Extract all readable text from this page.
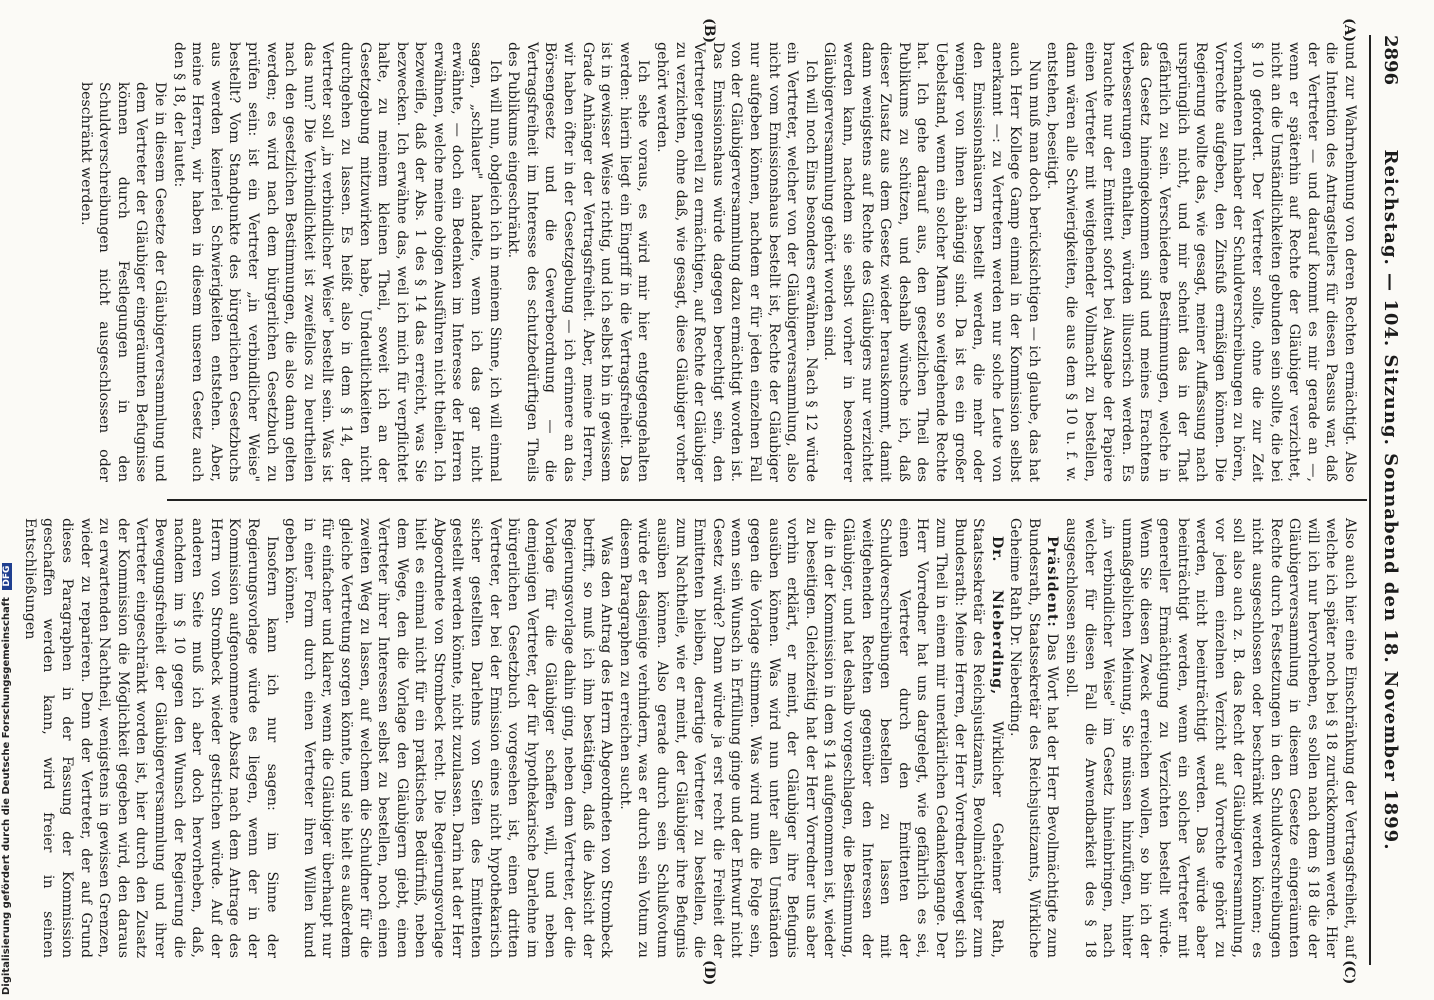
2896
Reichstag. — 104. Sitzung. Sonnabend den 18. November 1899.
(A)
(B)
(C)
(D)

und zur Wahrnehmung von deren Rechten ermächtigt. Also die Intention des Antragstellers für diesen Passus war, daß der Vertreter — und darauf kommt es mir gerade an —, wenn er späterhin auf Rechte der Gläubiger verzichtet, nicht an die Umständlichkeiten gebunden sein sollte, die bei § 10 gefordert. Der Vertreter sollte, ohne die zur Zeit vorhandenen Inhaber der Schuldverschreibungen zu hören, Vorrechte aufgeben, den Zinsfuß ermäßigen können. Die Regierung wollte das, wie gesagt, meiner Auffassung nach ursprünglich nicht, und mir scheint das in der That gefährlich zu sein. Verschiedene Bestimmungen, welche in das Gesetz hineingekommen sind und meines Erachtens Verbesserungen enthalten, würden illusorisch werden. Es brauchte nur der Emittent sofort bei Ausgabe der Papiere einen Vertreter mit weitgehender Vollmacht zu bestellen, dann wären alle Schwierigkeiten, die aus dem § 10 u. f. w. entstehen, beseitigt.

Nun muß man doch berücksichtigen — ich glaube, das hat auch Herr Kollege Gamp einmal in der Kommission selbst anerkannt —: zu Vertretern werden nur solche Leute von den Emissionshäusern bestellt werden, die mehr oder weniger von ihnen abhängig sind. Da ist es ein großer Uebelstand, wenn ein solcher Mann so weitgehende Rechte hat. Ich gehe darauf aus, den gesetzlichen Theil des Publikums zu schützen, und deshalb wünsche ich, daß dieser Zusatz aus dem Gesetz wieder herauskommt, damit dann wenigstens auf Rechte des Gläubigers nur verzichtet werden kann, nachdem sie selbst vorher in besonderer Gläubigerversammlung gehört worden sind.

Ich will noch Eins besonders erwähnen. Nach § 12 würde ein Vertreter, welcher von der Gläubigerversammlung, also nicht vom Emissionshaus bestellt ist, Rechte der Gläubiger nur aufgeben können, nachdem er für jeden einzelnen Fall von der Gläubigerversammlung dazu ermächtigt worden ist. Das Emissionshaus würde dagegen berechtigt sein, den Vertreter generell zu ermächtigen, auf Rechte der Gläubiger zu verzichten, ohne daß, wie gesagt, diese Gläubiger vorher gehört werden.

Ich sehe voraus, es wird mir hier entgegengehalten werden: hierin liegt ein Eingriff in die Vertragsfreiheit. Das ist in gewisser Weise richtig, und ich selbst bin in gewissem Grade Anhänger der Vertragsfreiheit. Aber, meine Herren, wir haben öfter in der Gesetzgebung — ich erinnere an das Börsengesetz und die Gewerbeordnung — die Vertragsfreiheit im Interesse des schutzbedürftigen Theils des Publikums eingeschränkt.

Ich will nun, obgleich ich in meinem Sinne, ich will einmal sagen, „schlauer" handelte, wenn ich das gar nicht erwähnte, — doch ein Bedenken im Interesse der Herren erwähnen, welche meine obigen Ausführen nicht theilen. Ich bezweifle, daß der Abs. 1 des § 14 das erreicht, was Sie bezwecken. Ich erwähne das, weil ich mich für verpflichtet halte, zu meinem kleinen Theil, soweit ich an der Gesetzgebung mitzuwirken habe, Undeutlichkeiten nicht durchgehen zu lassen. Es heißt also in dem § 14, der Vertreter soll „in verbindlicher Weise" bestellt sein. Was ist das nun? Die Verbindlichkeit ist zweifellos zu beurtheilen nach den gesetzlichen Bestimmungen, die also dann gelten werden; es wird nach dem bürgerlichen Gesetzbuch zu prüfen sein: ist ein Vertreter „in verbindlicher Weise" bestellt? Vom Standpunkte des bürgerlichen Gesetzbuchs aus werden keinerlei Schwierigkeiten entstehen. Aber, meine Herren, wir haben in diesem unseren Gesetz auch den § 18, der lautet:

Die in diesem Gesetze der Gläubigerversammlung und dem Vertreter der Gläubiger eingeräumten Befugnisse können durch Festlegungen in den Schuldverschreibungen nicht ausgeschlossen oder beschränkt werden.

Also auch hier eine Einschränkung der Vertragsfreiheit, auf welche ich später noch bei § 18 zurückkommen werde. Hier will ich nur hervorheben, es sollen nach dem § 18 die der Gläubigerversammlung in diesem Gesetze eingeräumten Rechte durch Festsetzungen in den Schuldverschreibungen nicht ausgeschlossen oder beschränkt werden können; es soll also auch z. B. das Recht der Gläubigerversammlung, vor jedem einzelnen Verzicht auf Vorrechte gehört zu werden, nicht beeinträchtigt werden. Das würde aber beeinträchtigt werden, wenn ein solcher Vertreter mit genereller Ermächtigung zu Verzichten bestellt würde. Wenn Sie diesen Zweck erreichen wollen, so bin ich der unmaßgeblichen Meinung, Sie müssen hinzufügen, hinter „in verbindlicher Weise" im Gesetz hineinbringen, nach welcher für diesen Fall die Anwendbarkeit des § 18 ausgeschlossen sein soll.

Präsident: Das Wort hat der Herr Bevollmächtigte zum Bundesrath, Staatssekretär des Reichsjustizamts, Wirkliche Geheime Rath Dr. Nieberding.

Dr. Nieberding, Wirklicher Geheimer Rath, Staatssekretär des Reichsjustizamts, Bevollmächtigter zum Bundesrath: Meine Herren, der Herr Vorredner bewegt sich zum Theil in einem mir unerklärlichen Gedankengange. Der Herr Vorredner hat uns dargelegt, wie gefährlich es sei, einen Vertreter durch den Emittenten der Schuldverschreibungen bestellen zu lassen mit weitgehenden Rechten gegenüber den Interessen der Gläubiger, und hat deshalb vorgeschlagen, die Bestimmung, die in der Kommission in dem § 14 aufgenommen ist, wieder zu beseitigen. Gleichzeitig hat der Herr Vorredner uns aber vorhin erklärt, er meint, der Gläubiger ihre Befugnis ausüben können. Was wird nun unter allen Umständen gegen die Vorlage stimmen. Was wird nun die Folge sein, wenn sein Wunsch in Erfüllung ginge und der Entwurf nicht Gesetz würde? Dann würde ja erst recht die Freiheit der Emittenten bleiben, derartige Vertreter zu bestellen, die zum Nachtheile, wie er meint, der Gläubiger ihre Befugnis ausüben können. Also gerade durch sein Schlußvotum würde er dasjenige verhindern, was er durch sein Votum zu diesem Paragraphen zu erreichen sucht.

Was den Antrag des Herrn Abgeordneten von Strombeck betrifft, so muß ich ihm bestätigen, daß die Absicht der Regierungsvorlage dahin ging, neben dem Vertreter, der die Vorlage für die Gläubiger schaffen will, und neben demjenigen Vertreter, der für hypothekarische Darlehne im bürgerlichen Gesetzbuch vorgesehen ist, einen dritten Vertreter, der bei der Emission eines nicht hypothekarisch sicher gestellten Darlehns von Seiten des Emittenten gestellt werden könnte, nicht zuzulassen. Darin hat der Herr Abgeordnete von Strombeck recht. Die Regierungsvorlage hielt es einmal nicht für ein praktisches Bedürfniß, neben dem Wege, den die Vorlage den Gläubigern giebt, einen Vertreter ihrer Interessen selbst zu bestellen, noch einen zweiten Weg zu lassen, auf welchem die Schuldner für die gleiche Vertretung sorgen könnte, und sie hielt es außerdem für einfacher und klarer, wenn die Gläubiger überhaupt nur in einer Form durch einen Vertreter ihren Willen kund geben können.

Insofern kann ich nur sagen: im Sinne der Regierungsvorlage würde es liegen, wenn der in der Kommission aufgenommene Absatz nach dem Antrage des Herrn von Strombeck wieder gestrichen würde. Auf der anderen Seite muß ich aber doch hervorheben, daß, nachdem im § 10 gegen den Wunsch der Regierung die Bewegungsfreiheit der Gläubigerversammlung und ihrer Vertreter eingeschränkt worden ist, hier durch den Zusatz der Kommission die Möglichkeit gegeben wird, den daraus zu erwartenden Nachtheil, wenigstens in gewissen Grenzen, wieder zu reparieren. Denn der Vertreter, der auf Grund dieses Paragraphen in der Fassung der Kommission geschaffen werden kann, wird freier in seinen Entschließungen

Digitalisierung gefördert durch die Deutsche Forschungsgemeinschaft DFG
